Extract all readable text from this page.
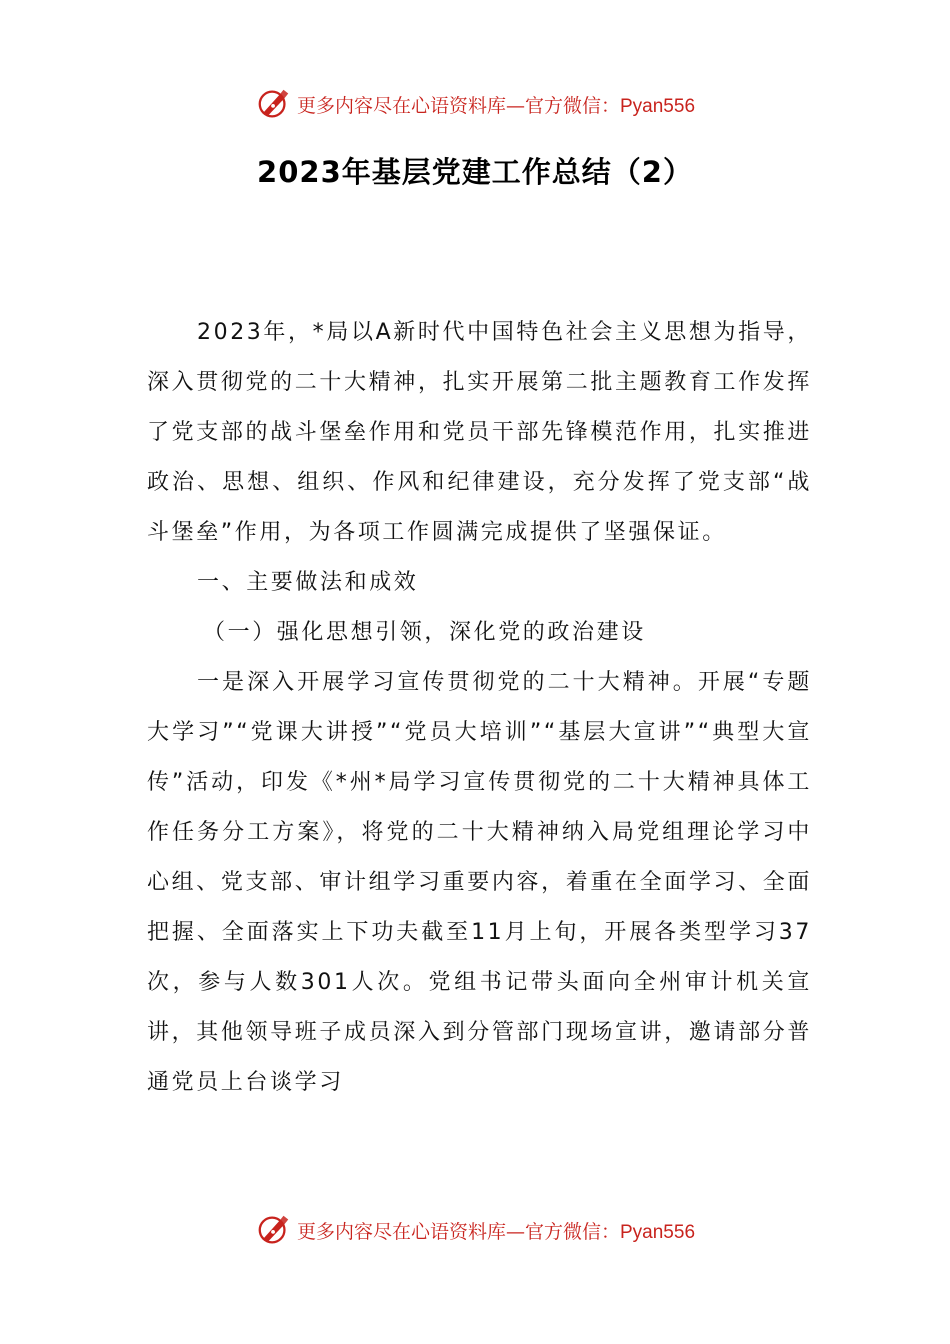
更多内容尽在心语资料库—官方微信：Pyan556
2023年基层党建工作总结（2）

2023年，*局以A新时代中国特色社会主义思想为指导，深入贯彻党的二十大精神，扎实开展第二批主题教育工作发挥了党支部的战斗堡垒作用和党员干部先锋模范作用，扎实推进政治、思想、组织、作风和纪律建设，充分发挥了党支部“战斗堡垒”作用，为各项工作圆满完成提供了坚强保证。

一、主要做法和成效

（一）强化思想引领，深化党的政治建设

一是深入开展学习宣传贯彻党的二十大精神。开展“专题大学习”“党课大讲授”“党员大培训”“基层大宣讲”“典型大宣传”活动，印发《*州*局学习宣传贯彻党的二十大精神具体工作任务分工方案》，将党的二十大精神纳入局党组理论学习中心组、党支部、审计组学习重要内容，着重在全面学习、全面把握、全面落实上下功夫截至11月上旬，开展各类型学习37次，参与人数301人次。党组书记带头面向全州审计机关宣讲，其他领导班子成员深入到分管部门现场宣讲，邀请部分普通党员上台谈学习

更多内容尽在心语资料库—官方微信：Pyan556
